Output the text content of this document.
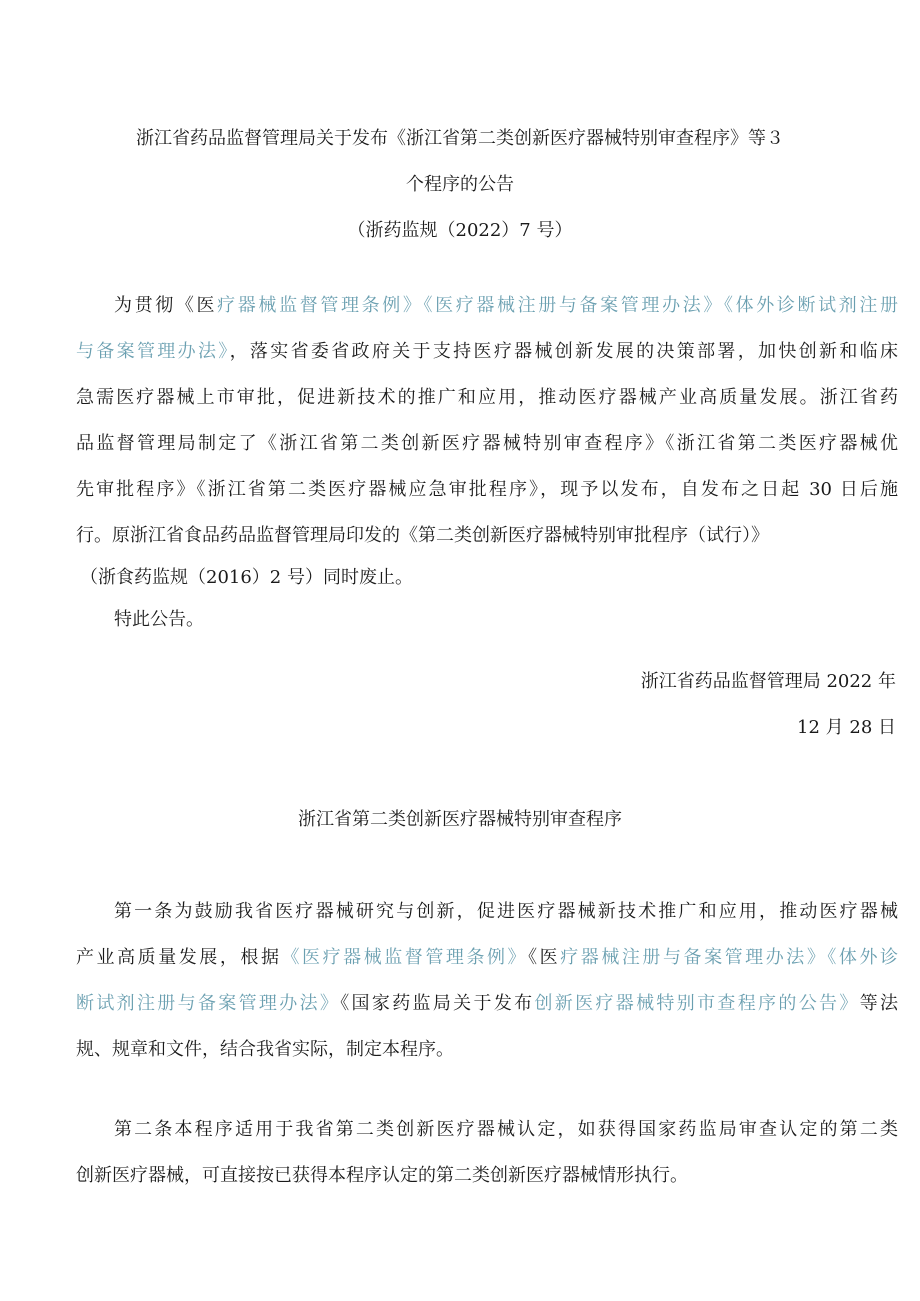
浙江省药品监督管理局关于发布《浙江省第二类创新医疗器械特别审查程序》等３
个程序的公告
（浙药监规（2022）7 号）
为贯彻《医疗器械监督管理条例》《医疗器械注册与备案管理办法》《体外诊断试剂注册
与备案管理办法》，落实省委省政府关于支持医疗器械创新发展的决策部署，加快创新和临床
急需医疗器械上市审批，促进新技术的推广和应用，推动医疗器械产业高质量发展。浙江省药
品监督管理局制定了《浙江省第二类创新医疗器械特别审查程序》《浙江省第二类医疗器械优
先审批程序》《浙江省第二类医疗器械应急审批程序》，现予以发布，自发布之日起 30 日后施
行。原浙江省食品药品监督管理局印发的《第二类创新医疗器械特别审批程序（试行）》
（浙食药监规（2016）2 号）同时废止。
特此公告。
浙江省药品监督管理局 2022 年
12 月 28 日
浙江省第二类创新医疗器械特别审查程序
第一条为鼓励我省医疗器械研究与创新，促进医疗器械新技术推广和应用，推动医疗器械
产业高质量发展，根据《医疗器械监督管理条例》《医疗器械注册与备案管理办法》《体外诊
断试剂注册与备案管理办法》《国家药监局关于发布创新医疗器械特别市查程序的公告》等法
规、规章和文件，结合我省实际，制定本程序。
第二条本程序适用于我省第二类创新医疗器械认定，如获得国家药监局审查认定的第二类
创新医疗器械，可直接按已获得本程序认定的第二类创新医疗器械情形执行。
